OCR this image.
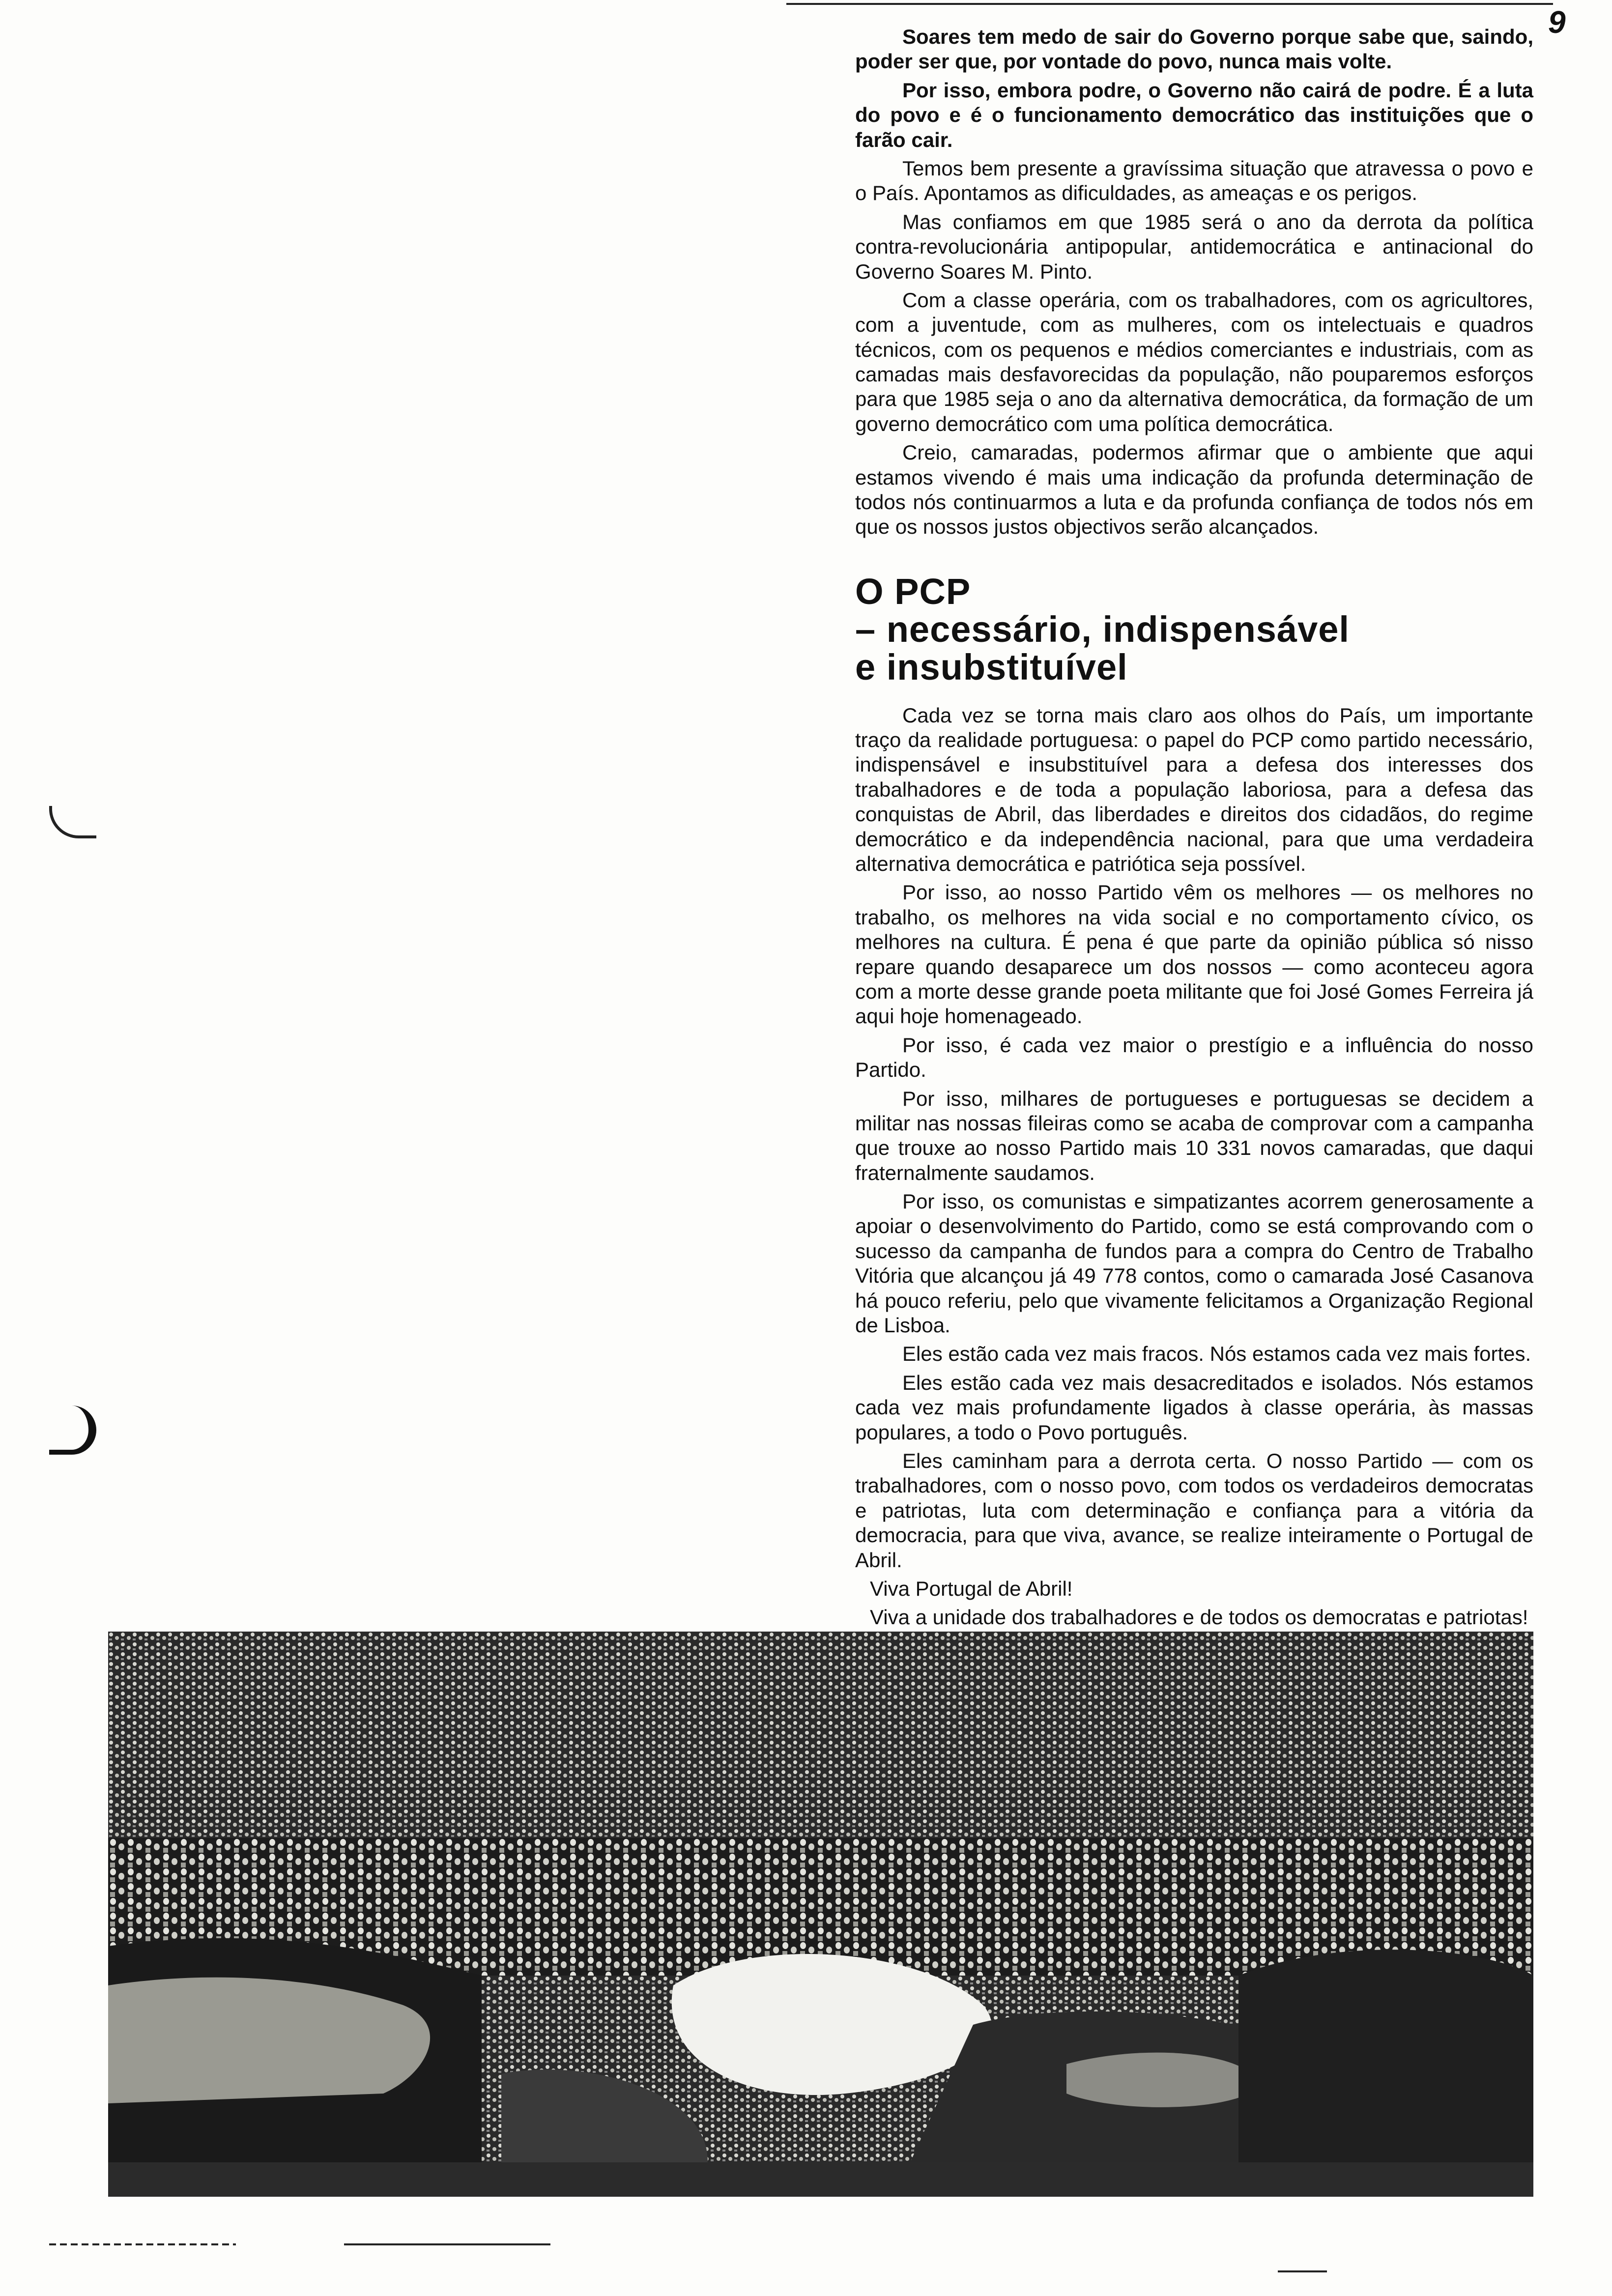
9

Soares tem medo de sair do Governo porque sabe que, saindo, poder ser que, por vontade do povo, nunca mais volte.

Por isso, embora podre, o Governo não cairá de podre. É a luta do povo e é o funcionamento democrático das instituições que o farão cair.

Temos bem presente a gravíssima situação que atravessa o povo e o País. Apontamos as dificuldades, as ameaças e os perigos.

Mas confiamos em que 1985 será o ano da derrota da política contra-revolucionária antipopular, antidemocrática e antinacional do Governo Soares M. Pinto.

Com a classe operária, com os trabalhadores, com os agricultores, com a juventude, com as mulheres, com os intelectuais e quadros técnicos, com os pequenos e médios comerciantes e industriais, com as camadas mais desfavorecidas da população, não pouparemos esforços para que 1985 seja o ano da alternativa democrática, da formação de um governo democrático com uma política democrática.

Creio, camaradas, podermos afirmar que o ambiente que aqui estamos vivendo é mais uma indicação da profunda determinação de todos nós continuarmos a luta e da profunda confiança de todos nós em que os nossos justos objectivos serão alcançados.

O PCP
– necessário, indispensável
e insubstituível

Cada vez se torna mais claro aos olhos do País, um importante traço da realidade portuguesa: o papel do PCP como partido necessário, indispensável e insubstituível para a defesa dos interesses dos trabalhadores e de toda a população laboriosa, para a defesa das conquistas de Abril, das liberdades e direitos dos cidadãos, do regime democrático e da independência nacional, para que uma verdadeira alternativa democrática e patriótica seja possível.

Por isso, ao nosso Partido vêm os melhores — os melhores no trabalho, os melhores na vida social e no comportamento cívico, os melhores na cultura. É pena é que parte da opinião pública só nisso repare quando desaparece um dos nossos — como aconteceu agora com a morte desse grande poeta militante que foi José Gomes Ferreira já aqui hoje homenageado.

Por isso, é cada vez maior o prestígio e a influência do nosso Partido.

Por isso, milhares de portugueses e portuguesas se decidem a militar nas nossas fileiras como se acaba de comprovar com a campanha que trouxe ao nosso Partido mais 10 331 novos camaradas, que daqui fraternalmente saudamos.

Por isso, os comunistas e simpatizantes acorrem generosamente a apoiar o desenvolvimento do Partido, como se está comprovando com o sucesso da campanha de fundos para a compra do Centro de Trabalho Vitória que alcançou já 49 778 contos, como o camarada José Casanova há pouco referiu, pelo que vivamente felicitamos a Organização Regional de Lisboa.

Eles estão cada vez mais fracos. Nós estamos cada vez mais fortes.

Eles estão cada vez mais desacreditados e isolados. Nós estamos cada vez mais profundamente ligados à classe operária, às massas populares, a todo o Povo português.

Eles caminham para a derrota certa. O nosso Partido — com os trabalhadores, com o nosso povo, com todos os verdadeiros democratas e patriotas, luta com determinação e confiança para a vitória da democracia, para que viva, avance, se realize inteiramente o Portugal de Abril.

Viva Portugal de Abril!

Viva a unidade dos trabalhadores e de todos os democratas e patriotas!
